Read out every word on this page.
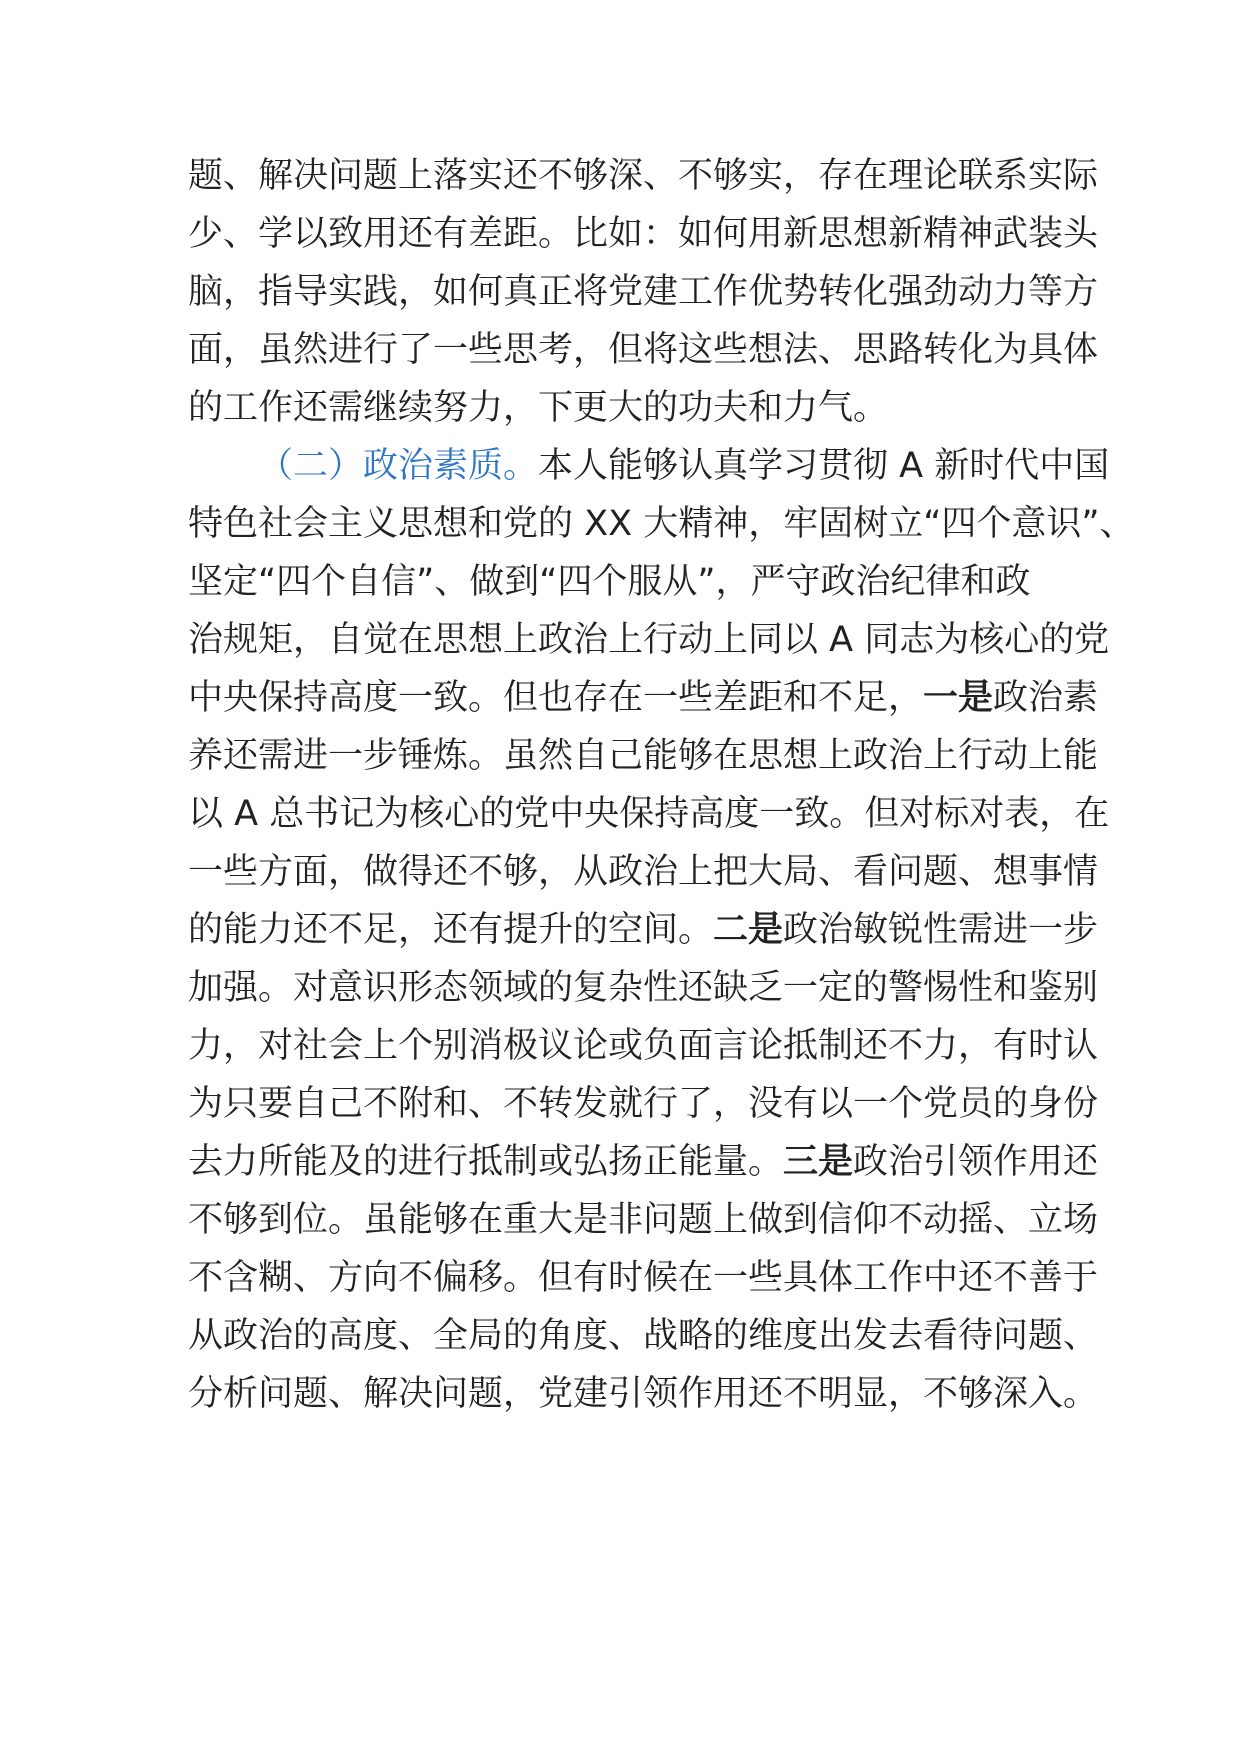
题、解决问题上落实还不够深、不够实，存在理论联系实际
少、学以致用还有差距。比如：如何用新思想新精神武装头
脑，指导实践，如何真正将党建工作优势转化强劲动力等方
面，虽然进行了一些思考，但将这些想法、思路转化为具体
的工作还需继续努力，下更大的功夫和力气。
（二）政治素质。本人能够认真学习贯彻 A 新时代中国
特色社会主义思想和党的 XX 大精神，牢固树立“四个意识”、
坚定“四个自信”、做到“四个服从”，严守政治纪律和政
治规矩，自觉在思想上政治上行动上同以 A 同志为核心的党
中央保持高度一致。但也存在一些差距和不足，一是政治素
养还需进一步锤炼。虽然自己能够在思想上政治上行动上能
以 A 总书记为核心的党中央保持高度一致。但对标对表，在
一些方面，做得还不够，从政治上把大局、看问题、想事情
的能力还不足，还有提升的空间。二是政治敏锐性需进一步
加强。对意识形态领域的复杂性还缺乏一定的警惕性和鉴别
力，对社会上个别消极议论或负面言论抵制还不力，有时认
为只要自己不附和、不转发就行了，没有以一个党员的身份
去力所能及的进行抵制或弘扬正能量。三是政治引领作用还
不够到位。虽能够在重大是非问题上做到信仰不动摇、立场
不含糊、方向不偏移。但有时候在一些具体工作中还不善于
从政治的高度、全局的角度、战略的维度出发去看待问题、
分析问题、解决问题，党建引领作用还不明显，不够深入。
